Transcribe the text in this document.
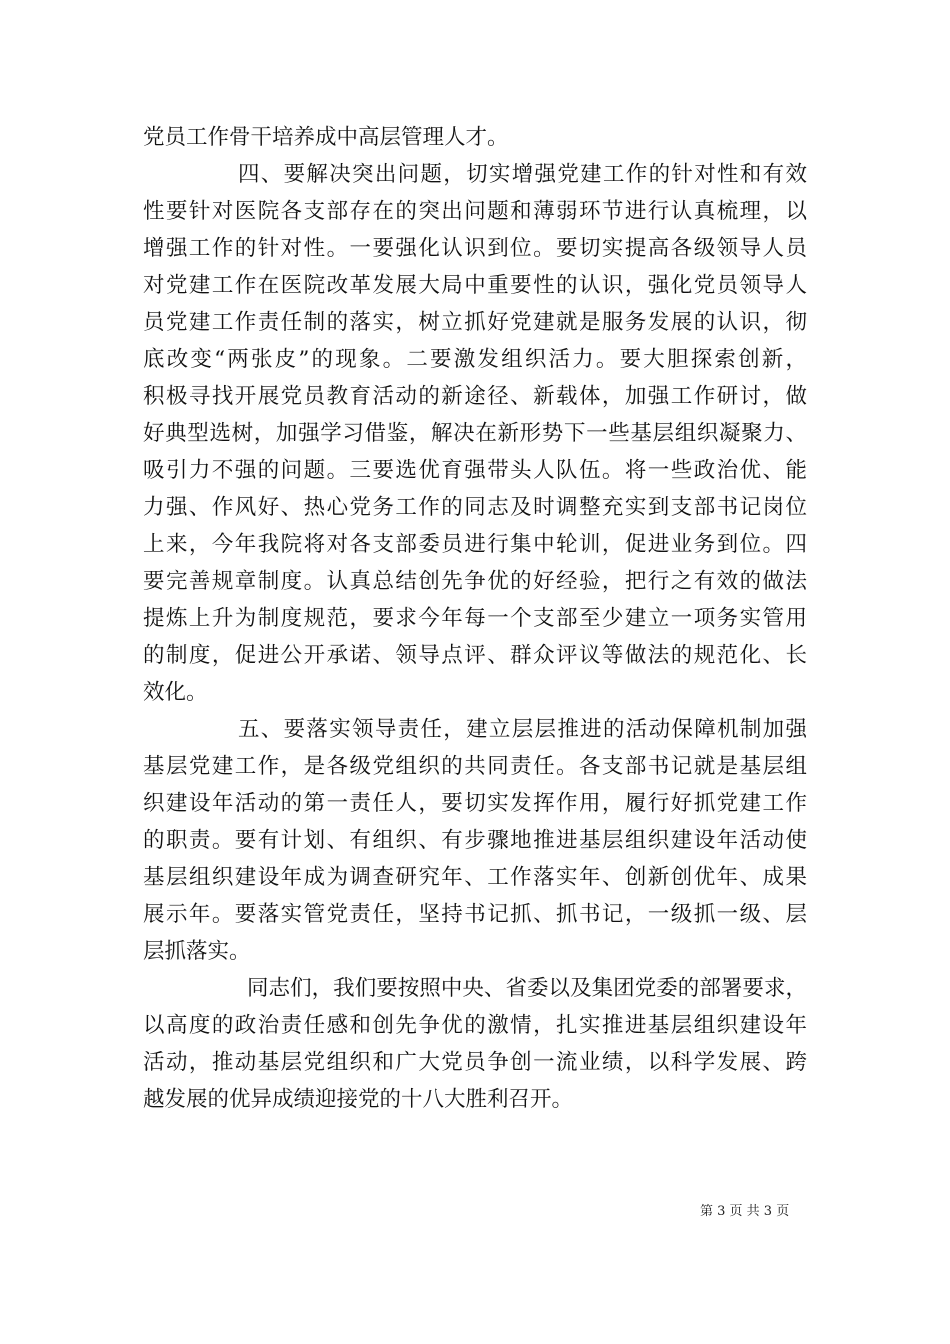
党员工作骨干培养成中高层管理人才。
四、要解决突出问题，切实增强党建工作的针对性和有效
性要针对医院各支部存在的突出问题和薄弱环节进行认真梳理，以
增强工作的针对性。一要强化认识到位。要切实提高各级领导人员
对党建工作在医院改革发展大局中重要性的认识，强化党员领导人
员党建工作责任制的落实，树立抓好党建就是服务发展的认识，彻
底改变“两张皮”的现象。二要激发组织活力。要大胆探索创新，
积极寻找开展党员教育活动的新途径、新载体，加强工作研讨，做
好典型选树，加强学习借鉴，解决在新形势下一些基层组织凝聚力、
吸引力不强的问题。三要选优育强带头人队伍。将一些政治优、能
力强、作风好、热心党务工作的同志及时调整充实到支部书记岗位
上来，今年我院将对各支部委员进行集中轮训，促进业务到位。四
要完善规章制度。认真总结创先争优的好经验，把行之有效的做法
提炼上升为制度规范，要求今年每一个支部至少建立一项务实管用
的制度，促进公开承诺、领导点评、群众评议等做法的规范化、长
效化。
五、要落实领导责任，建立层层推进的活动保障机制加强
基层党建工作，是各级党组织的共同责任。各支部书记就是基层组
织建设年活动的第一责任人，要切实发挥作用，履行好抓党建工作
的职责。要有计划、有组织、有步骤地推进基层组织建设年活动使
基层组织建设年成为调查研究年、工作落实年、创新创优年、成果
展示年。要落实管党责任，坚持书记抓、抓书记，一级抓一级、层
层抓落实。
同志们，我们要按照中央、省委以及集团党委的部署要求，
以高度的政治责任感和创先争优的激情，扎实推进基层组织建设年
活动，推动基层党组织和广大党员争创一流业绩，以科学发展、跨
越发展的优异成绩迎接党的十八大胜利召开。
第 3 页 共 3 页
